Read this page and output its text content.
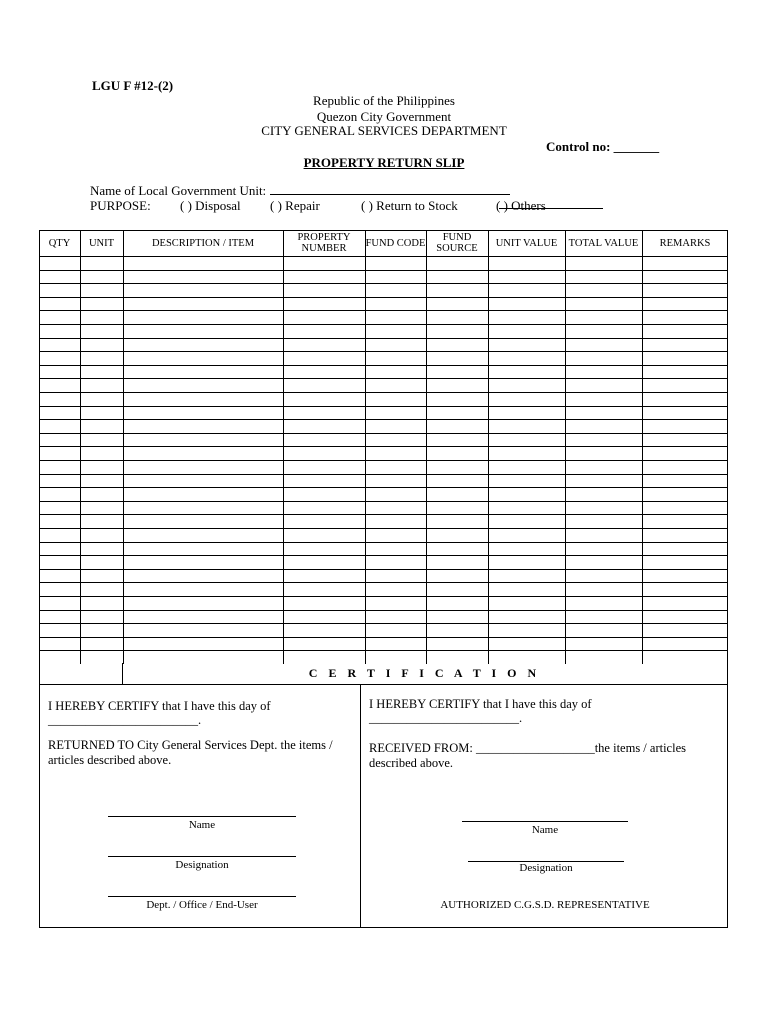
LGU F #12-(2)
Republic of the Philippines
Quezon City Government
CITY GENERAL SERVICES DEPARTMENT
Control no: _______
PROPERTY RETURN SLIP
Name of Local Government Unit:
PURPOSE: ( ) Disposal ( ) Repair	( ) Return to Stock	( ) Others
QTY	UNIT	DESCRIPTION / ITEM	PROPERTY NUMBER	FUND CODE	FUND SOURCE	UNIT VALUE	TOTAL VALUE	REMARKS
C E R T I F I C A T I O N
I HEREBY CERTIFY that I have this day of
________________________.
RETURNED TO City General Services Dept. the items / articles described above.
Name
Designation
Dept. / Office / End-User
I HEREBY CERTIFY that I have this day of
________________________.
RECEIVED FROM: ___________________the items / articles described above.
Name
Designation
AUTHORIZED C.G.S.D. REPRESENTATIVE
